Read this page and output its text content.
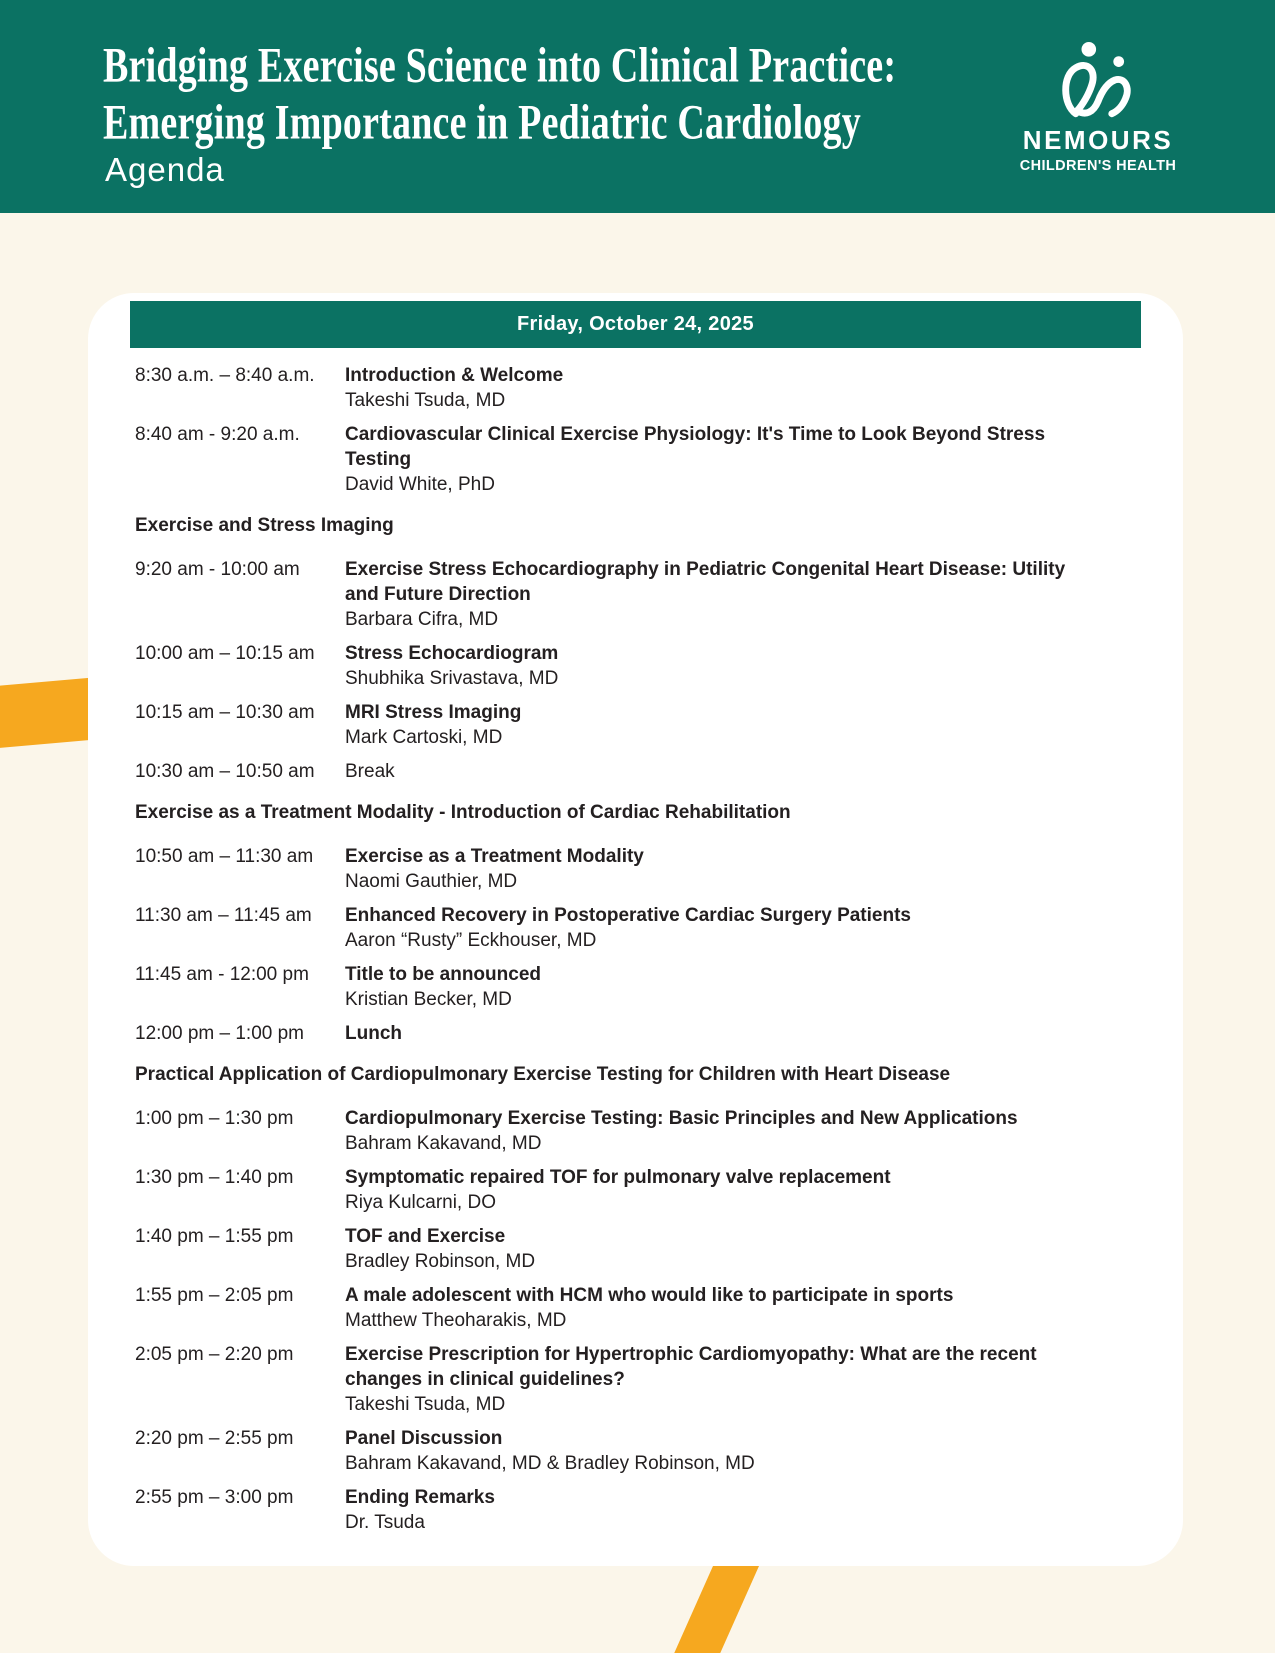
Bridging Exercise Science into Clinical Practice:
Emerging Importance in Pediatric Cardiology
Agenda
NEMOURS
CHILDREN'S HEALTH
Friday, October 24, 2025
8:30 a.m. – 8:40 a.m.	Introduction & Welcome
Takeshi Tsuda, MD
8:40 am - 9:20 a.m.	Cardiovascular Clinical Exercise Physiology: It's Time to Look Beyond Stress Testing
David White, PhD
Exercise and Stress Imaging
9:20 am - 10:00 am	Exercise Stress Echocardiography in Pediatric Congenital Heart Disease: Utility and Future Direction
Barbara Cifra, MD
10:00 am – 10:15 am	Stress Echocardiogram
Shubhika Srivastava, MD
10:15 am – 10:30 am	MRI Stress Imaging
Mark Cartoski, MD
10:30 am – 10:50 am	Break
Exercise as a Treatment Modality - Introduction of Cardiac Rehabilitation
10:50 am – 11:30 am	Exercise as a Treatment Modality
Naomi Gauthier, MD
11:30 am – 11:45 am	Enhanced Recovery in Postoperative Cardiac Surgery Patients
Aaron “Rusty” Eckhouser, MD
11:45 am - 12:00 pm	Title to be announced
Kristian Becker, MD
12:00 pm – 1:00 pm	Lunch
Practical Application of Cardiopulmonary Exercise Testing for Children with Heart Disease
1:00 pm – 1:30 pm	Cardiopulmonary Exercise Testing: Basic Principles and New Applications
Bahram Kakavand, MD
1:30 pm – 1:40 pm	Symptomatic repaired TOF for pulmonary valve replacement
Riya Kulcarni, DO
1:40 pm – 1:55 pm	TOF and Exercise
Bradley Robinson, MD
1:55 pm – 2:05 pm	A male adolescent with HCM who would like to participate in sports
Matthew Theoharakis, MD
2:05 pm – 2:20 pm	Exercise Prescription for Hypertrophic Cardiomyopathy: What are the recent changes in clinical guidelines?
Takeshi Tsuda, MD
2:20 pm – 2:55 pm	Panel Discussion
Bahram Kakavand, MD & Bradley Robinson, MD
2:55 pm – 3:00 pm	Ending Remarks
Dr. Tsuda
